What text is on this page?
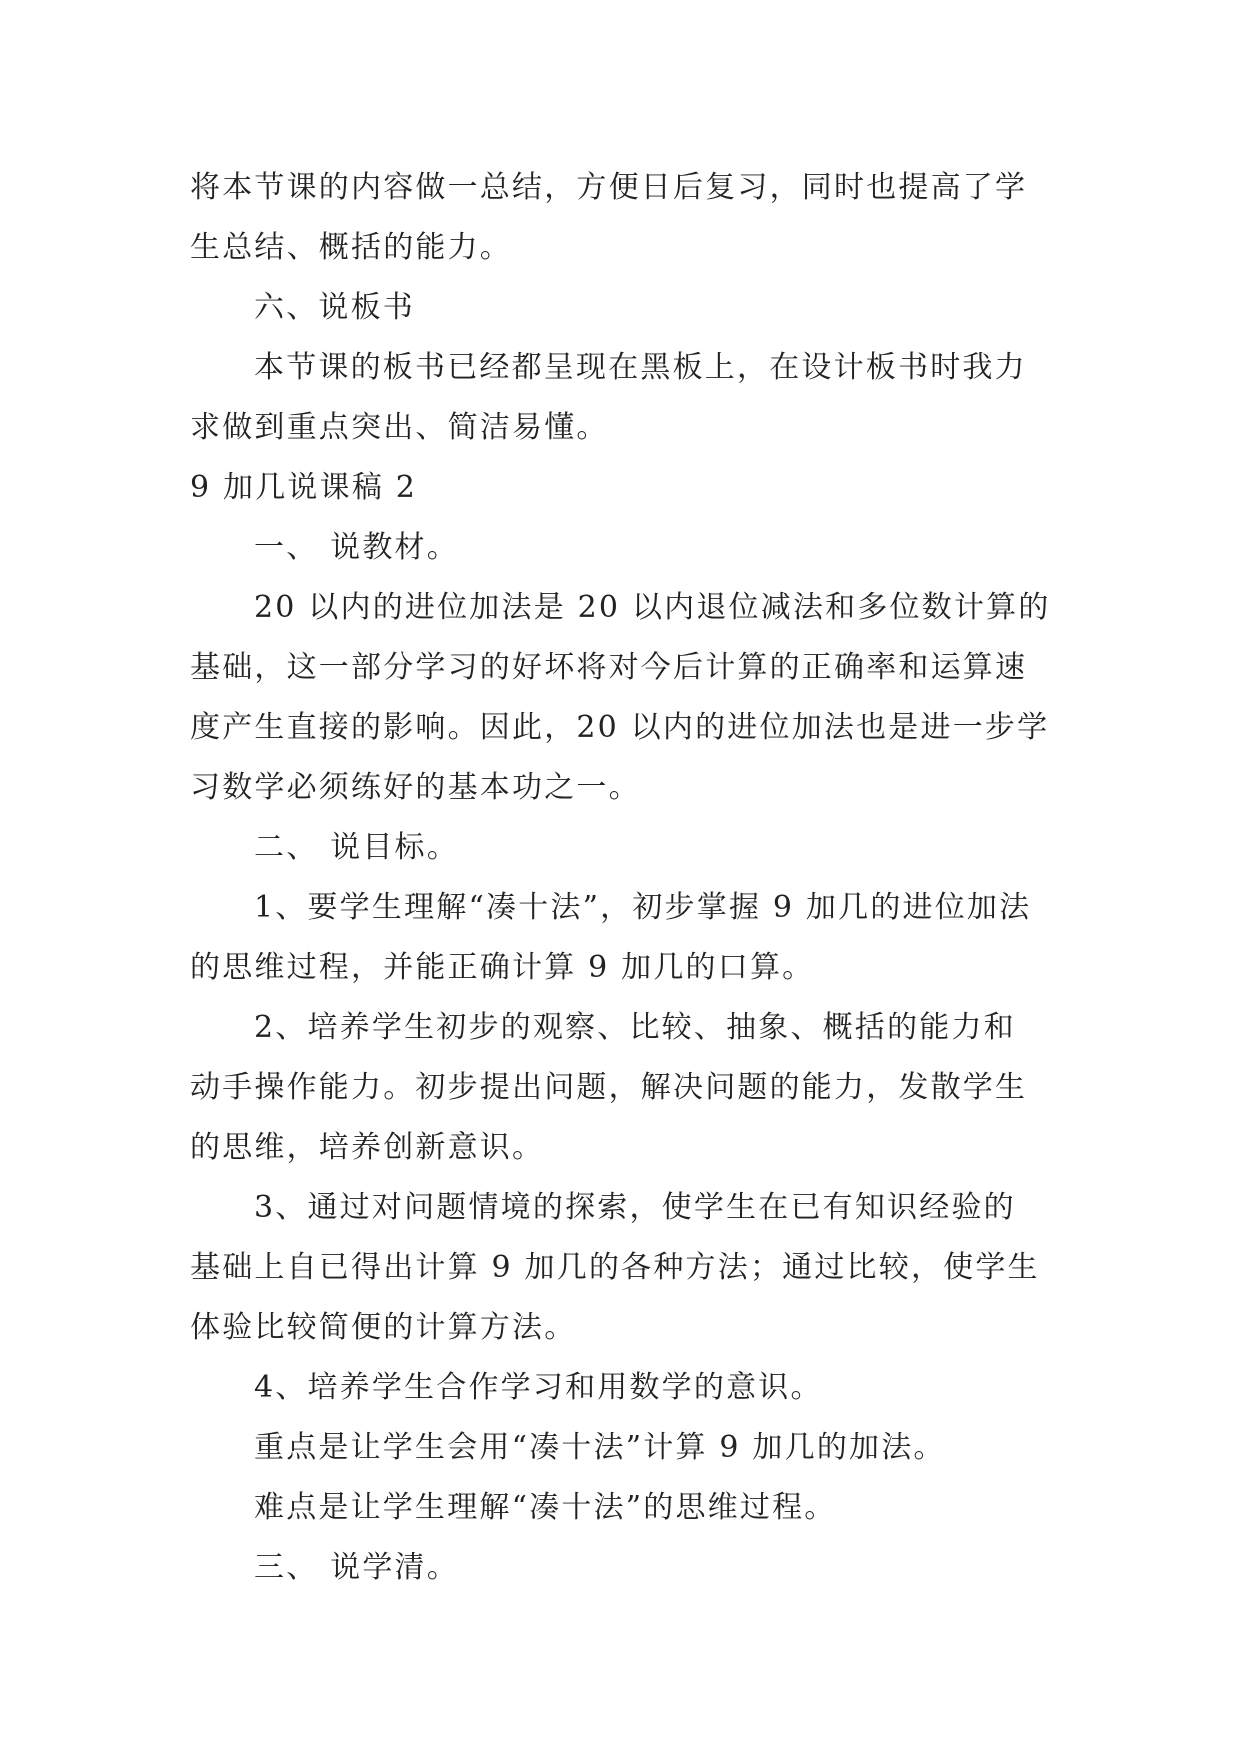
将本节课的内容做一总结，方便日后复习，同时也提高了学
生总结、概括的能力。
六、说板书
本节课的板书已经都呈现在黑板上，在设计板书时我力
求做到重点突出、简洁易懂。
9 加几说课稿 2
一、 说教材。
20 以内的进位加法是 20 以内退位减法和多位数计算的
基础，这一部分学习的好坏将对今后计算的正确率和运算速
度产生直接的影响。因此，20 以内的进位加法也是进一步学
习数学必须练好的基本功之一。
二、 说目标。
1、要学生理解“凑十法”，初步掌握 9 加几的进位加法
的思维过程，并能正确计算 9 加几的口算。
2、培养学生初步的观察、比较、抽象、概括的能力和
动手操作能力。初步提出问题，解决问题的能力，发散学生
的思维，培养创新意识。
3、通过对问题情境的探索，使学生在已有知识经验的
基础上自已得出计算 9 加几的各种方法；通过比较，使学生
体验比较简便的计算方法。
4、培养学生合作学习和用数学的意识。
重点是让学生会用“凑十法”计算 9 加几的加法。
难点是让学生理解“凑十法”的思维过程。
三、 说学清。
